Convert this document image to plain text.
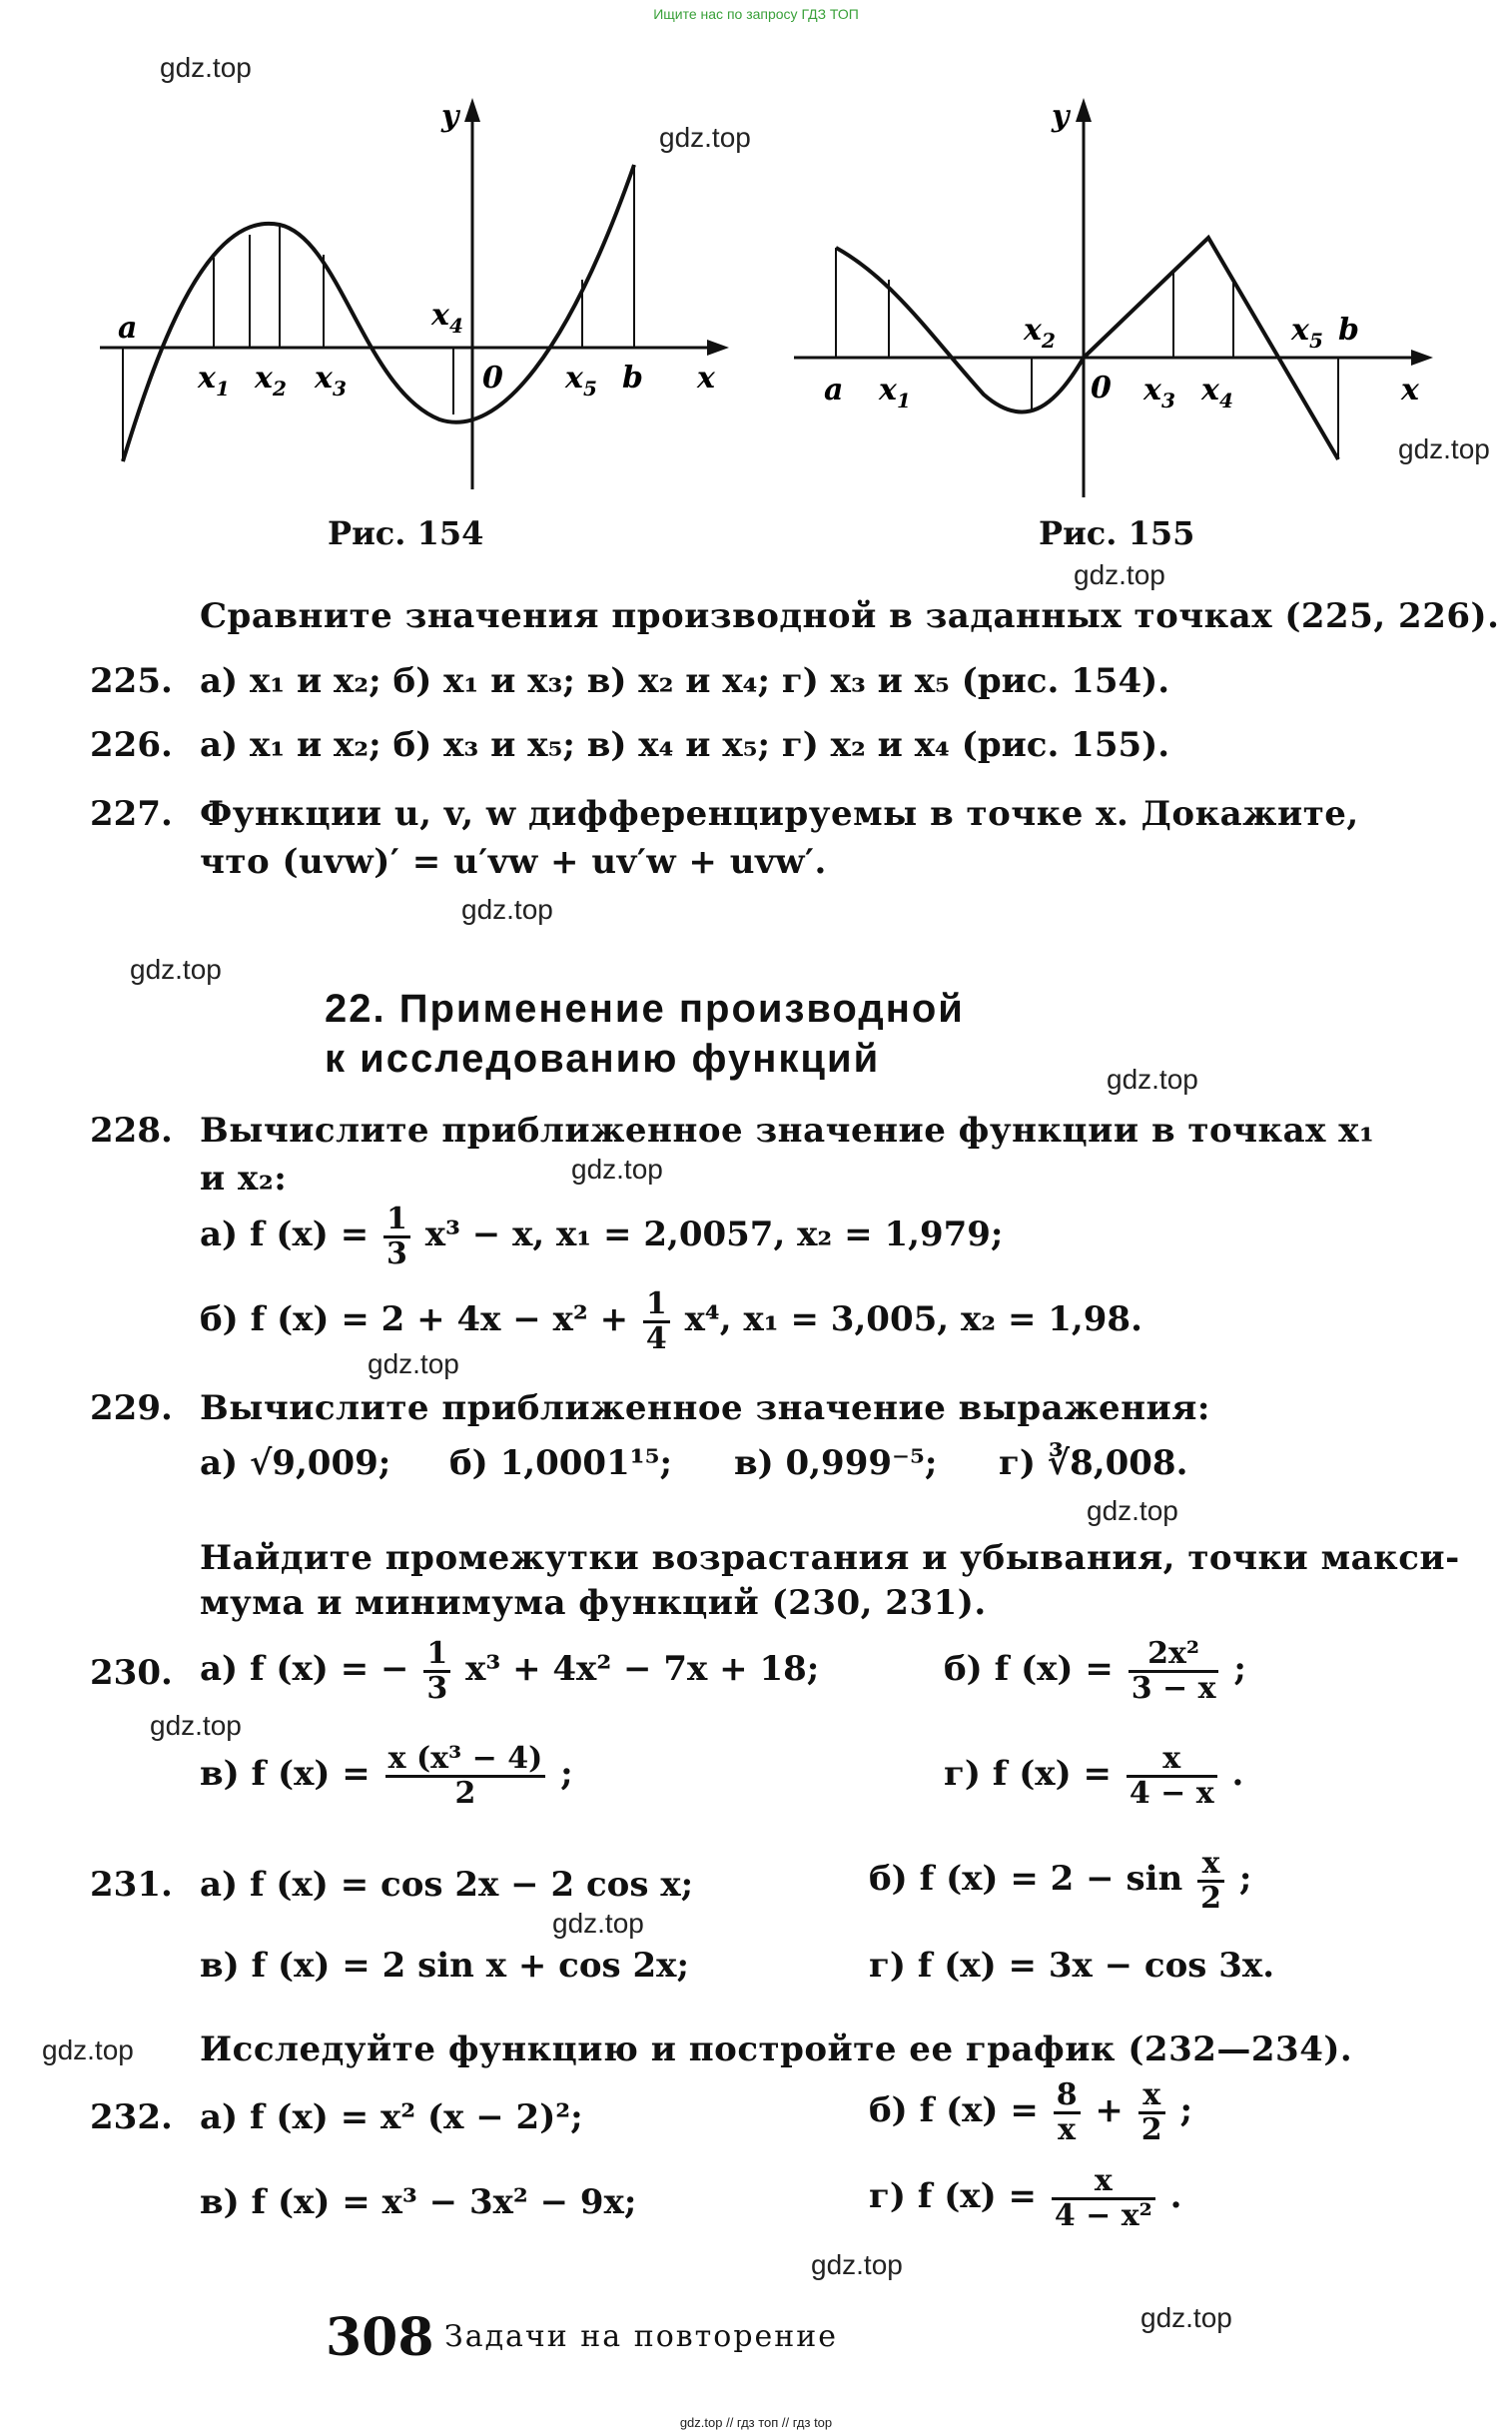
Ищите нас по запросу ГДЗ ТОП
gdz.top // гдз топ // гдз top
gdz.top
gdz.top
gdz.top
gdz.top
gdz.top
gdz.top
gdz.top
gdz.top
gdz.top
gdz.top
gdz.top
gdz.top
gdz.top
gdz.top
gdz.top
a
x 1 x 2 x 3
x 4
0 x 5 b x
y
Рис. 154
a x 1
x 2
0 x 3 x 4
x 5 b
x
y
Рис. 155
Сравните значения производной в заданных точках (225, 226).
225. а) x₁ и x₂; б) x₁ и x₃; в) x₂ и x₄; г) x₃ и x₅ (рис. 154).
226. а) x₁ и x₂; б) x₃ и x₅; в) x₄ и x₅; г) x₂ и x₄ (рис. 155).
227. Функции u, v, w дифференцируемы в точке x. Докажите,
что (uvw)′ = u′vw + uv′w + uvw′.
22. Применение производной
к исследованию функций
228. Вычислите приближенное значение функции в точках x₁
и x₂:
а) f $(x) = \frac{1}{3} x^3 - x$, x₁ = 2,0057, x₂ = 1,979;
б) f $(x) = 2 + 4x - x^2 + \frac{1}{4} x^4$, x₁ = 3,005, x₂ = 1,98.
229. Вычислите приближенное значение выражения:
а) √9,009; б) 1,0001¹⁵; в) 0,999⁻⁵; г) ∛8,008.
Найдите промежутки возрастания и убывания, точки макси-
мума и минимума функций (230, 231).
230. а) f (x) = − $\frac{1}{3} x^3 + 4x^2 - 7x + 18$;	б) f $(x) = \frac{\text{2x²}}{3 - x}$ ;
в) f $(x) = \frac{\text{x (x³ − 4)}}{2}$ ;	г) f $(x) = \frac{x}{4 - x}$ .
231. а) f (x) = cos 2x − 2 cos x;	б) f $(x) = 2 - \sin \frac{x}{2}$ ;
в) f (x) = 2 sin x + cos 2x;	г) f (x) = 3x − cos 3x.
Исследуйте функцию и постройте ее график (232—234).
232. а) f (x) = x² (x − 2)²;	б) f $(x) = \frac{8}{x} + \frac{x}{2}$ ;
в) f (x) = x³ − 3x² − 9x;	г) f $(x) = \frac{x}{\text{4 − x²}}$ .
308 Задачи на повторение
